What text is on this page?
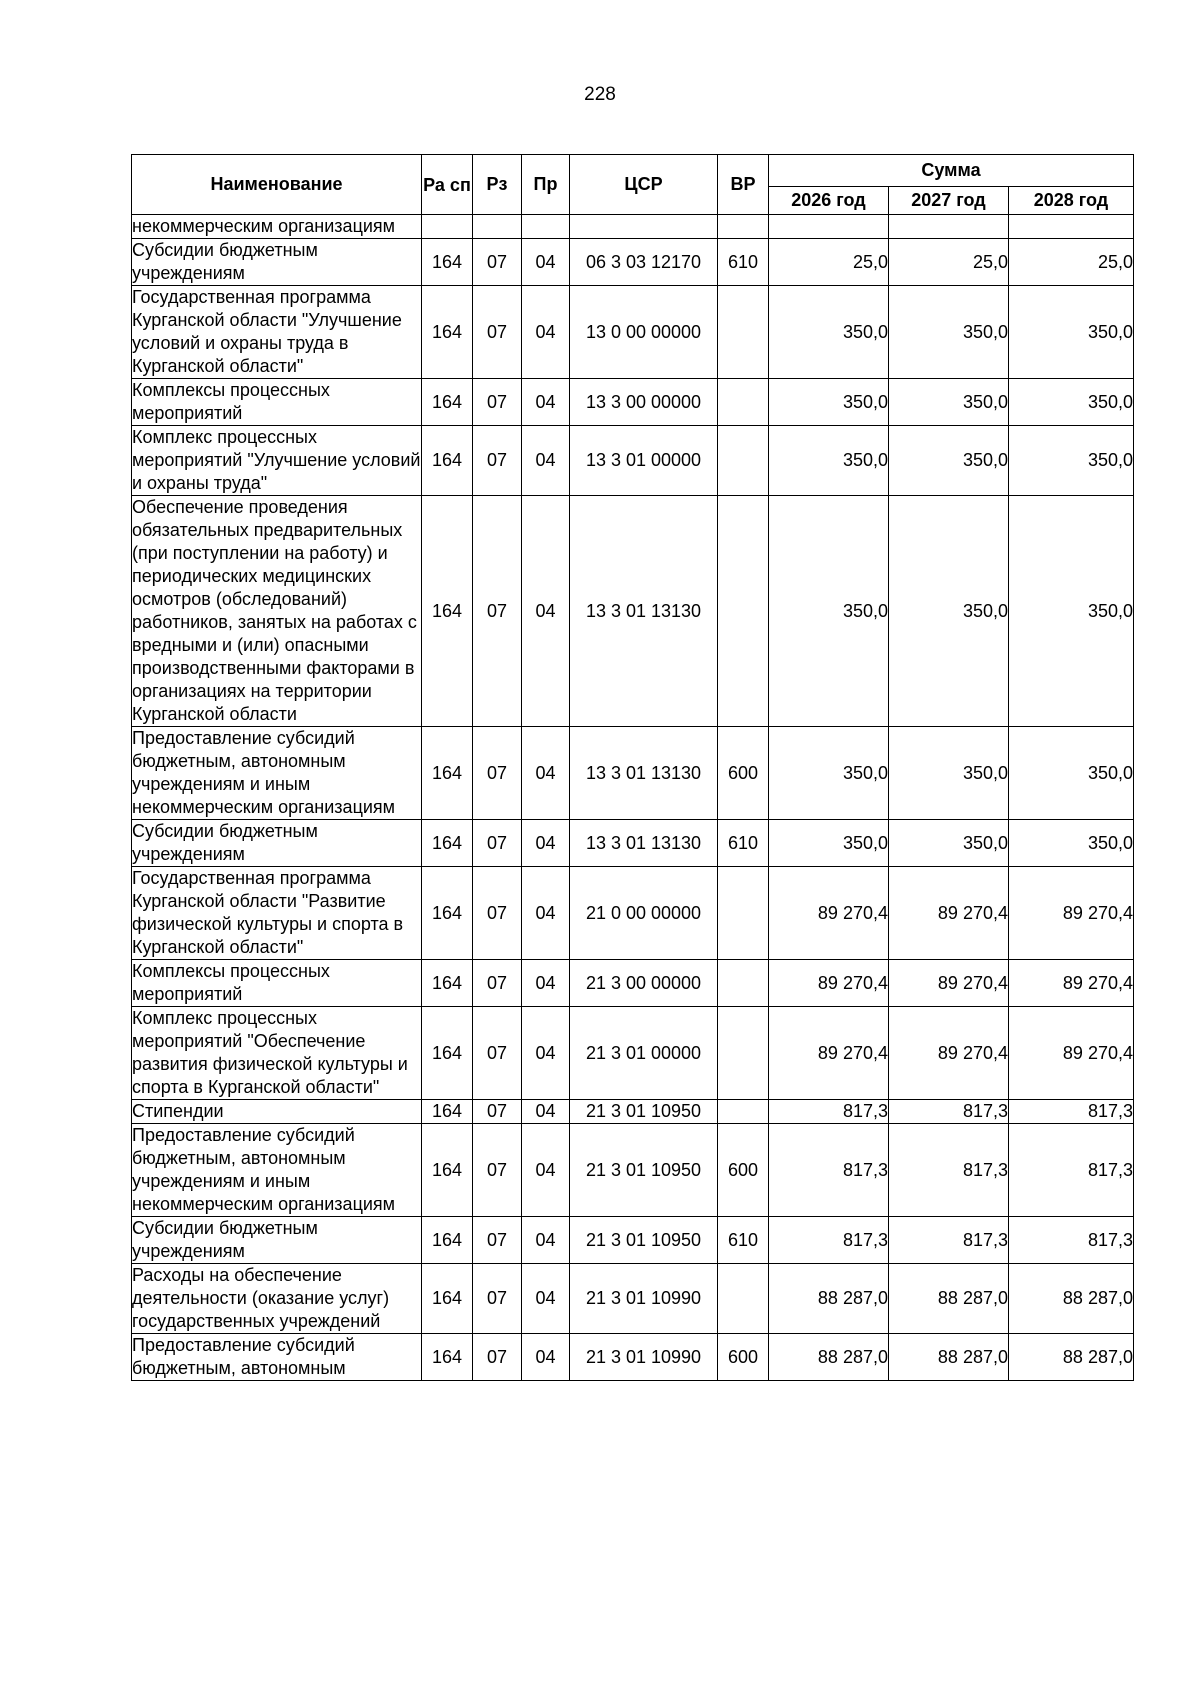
228
Наименование	Ра сп	Рз	Пр	ЦСР	ВР	Сумма		
						2026 год	2027 год	2028 год
некоммерческим организациям								
Субсидии бюджетным учреждениям	164	07	04	06 3 03 12170	610	25,0	25,0	25,0
Государственная программа Курганской области "Улучшение условий и охраны труда в Курганской области"	164	07	04	13 0 00 00000		350,0	350,0	350,0
Комплексы процессных мероприятий	164	07	04	13 3 00 00000		350,0	350,0	350,0
Комплекс процессных мероприятий "Улучшение условий и охраны труда"	164	07	04	13 3 01 00000		350,0	350,0	350,0
Обеспечение проведения обязательных предварительных (при поступлении на работу) и периодических медицинских осмотров (обследований) работников, занятых на работах с вредными и (или) опасными производственными факторами в организациях на территории Курганской области	164	07	04	13 3 01 13130		350,0	350,0	350,0
Предоставление субсидий бюджетным, автономным учреждениям и иным некоммерческим организациям	164	07	04	13 3 01 13130	600	350,0	350,0	350,0
Субсидии бюджетным учреждениям	164	07	04	13 3 01 13130	610	350,0	350,0	350,0
Государственная программа Курганской области "Развитие физической культуры и спорта в Курганской области"	164	07	04	21 0 00 00000		89 270,4	89 270,4	89 270,4
Комплексы процессных мероприятий	164	07	04	21 3 00 00000		89 270,4	89 270,4	89 270,4
Комплекс процессных мероприятий "Обеспечение развития физической культуры и спорта в Курганской области"	164	07	04	21 3 01 00000		89 270,4	89 270,4	89 270,4
Стипендии	164	07	04	21 3 01 10950		817,3	817,3	817,3
Предоставление субсидий бюджетным, автономным учреждениям и иным некоммерческим организациям	164	07	04	21 3 01 10950	600	817,3	817,3	817,3
Субсидии бюджетным учреждениям	164	07	04	21 3 01 10950	610	817,3	817,3	817,3
Расходы на обеспечение деятельности (оказание услуг) государственных учреждений	164	07	04	21 3 01 10990		88 287,0	88 287,0	88 287,0
Предоставление субсидий бюджетным, автономным	164	07	04	21 3 01 10990	600	88 287,0	88 287,0	88 287,0
